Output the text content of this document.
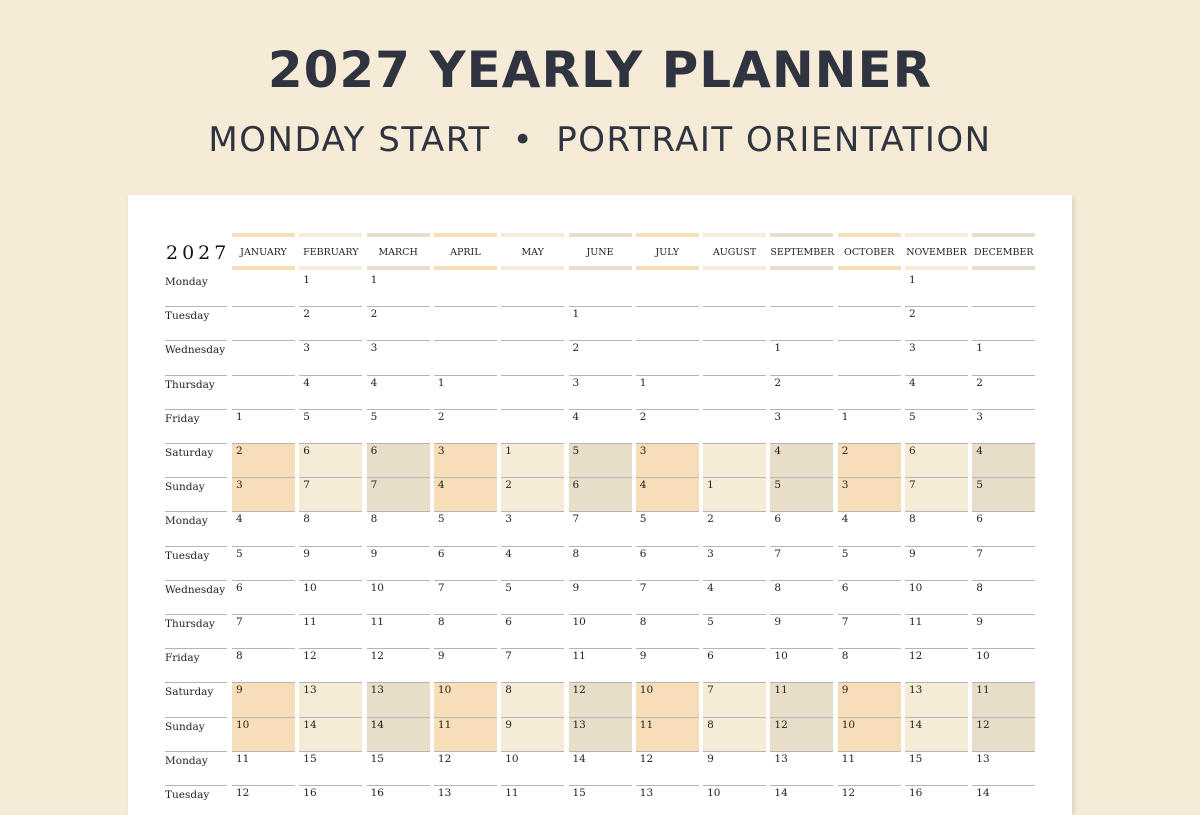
2027 YEARLY PLANNER
MONDAY START • PORTRAIT ORIENTATION
2027
Monday
Tuesday
Wednesday
Thursday
Friday
Saturday
Sunday
Monday
Tuesday
Wednesday
Thursday
Friday
Saturday
Sunday
Monday
Tuesday
JANUARY
1
2
3
4
5
6
7
8
9
10
11
12
FEBRUARY
1
2
3
4
5
6
7
8
9
10
11
12
13
14
15
16
MARCH
1
2
3
4
5
6
7
8
9
10
11
12
13
14
15
16
APRIL
1
2
3
4
5
6
7
8
9
10
11
12
13
MAY
1
2
3
4
5
6
7
8
9
10
11
JUNE
1
2
3
4
5
6
7
8
9
10
11
12
13
14
15
JULY
1
2
3
4
5
6
7
8
9
10
11
12
13
AUGUST
1
2
3
4
5
6
7
8
9
10
SEPTEMBER
1
2
3
4
5
6
7
8
9
10
11
12
13
14
OCTOBER
1
2
3
4
5
6
7
8
9
10
11
12
NOVEMBER
1
2
3
4
5
6
7
8
9
10
11
12
13
14
15
16
DECEMBER
1
2
3
4
5
6
7
8
9
10
11
12
13
14
